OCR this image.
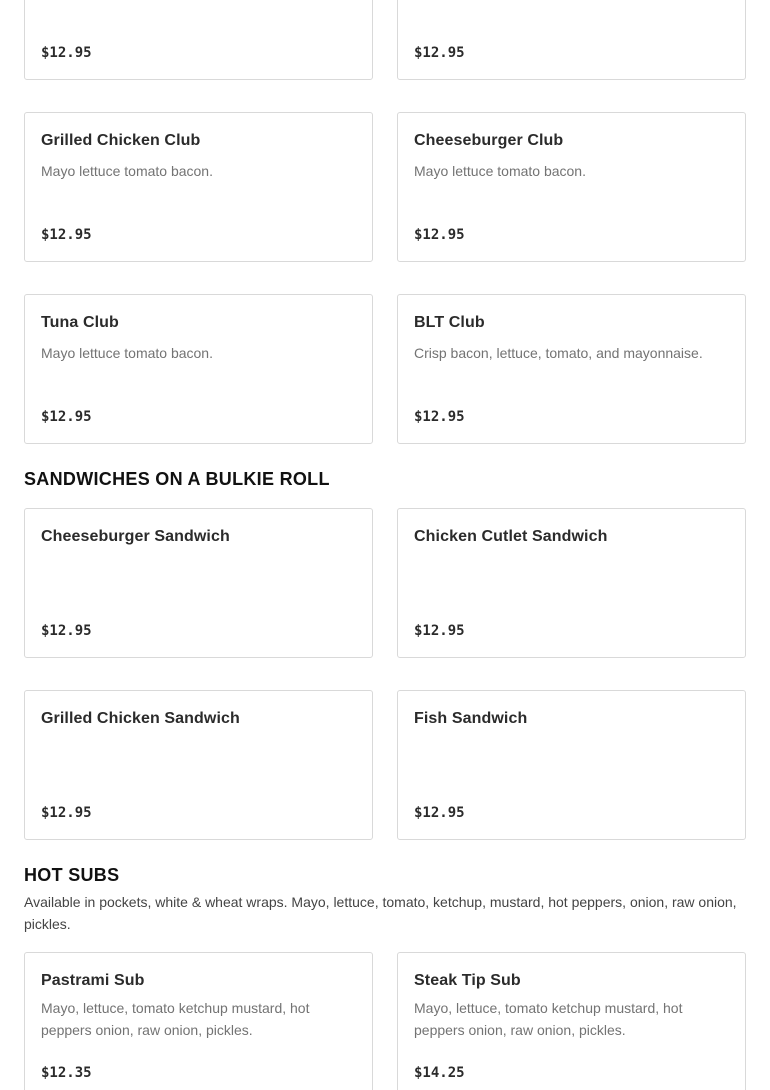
$12.95	$12.95
Grilled Chicken Club
Mayo lettuce tomato bacon.
$12.95
Cheeseburger Club
Mayo lettuce tomato bacon.
$12.95
Tuna Club
Mayo lettuce tomato bacon.
$12.95
BLT Club
Crisp bacon, lettuce, tomato, and mayonnaise.
$12.95
SANDWICHES ON A BULKIE ROLL
Cheeseburger Sandwich
$12.95
Chicken Cutlet Sandwich
$12.95
Grilled Chicken Sandwich
$12.95
Fish Sandwich
$12.95
HOT SUBS

Available in pockets, white & wheat wraps. Mayo, lettuce, tomato, ketchup, mustard, hot peppers, onion, raw onion, pickles.

Pastrami Sub
Mayo, lettuce, tomato ketchup mustard, hot peppers onion, raw onion, pickles.
$12.35
Steak Tip Sub
Mayo, lettuce, tomato ketchup mustard, hot peppers onion, raw onion, pickles.
$14.25
